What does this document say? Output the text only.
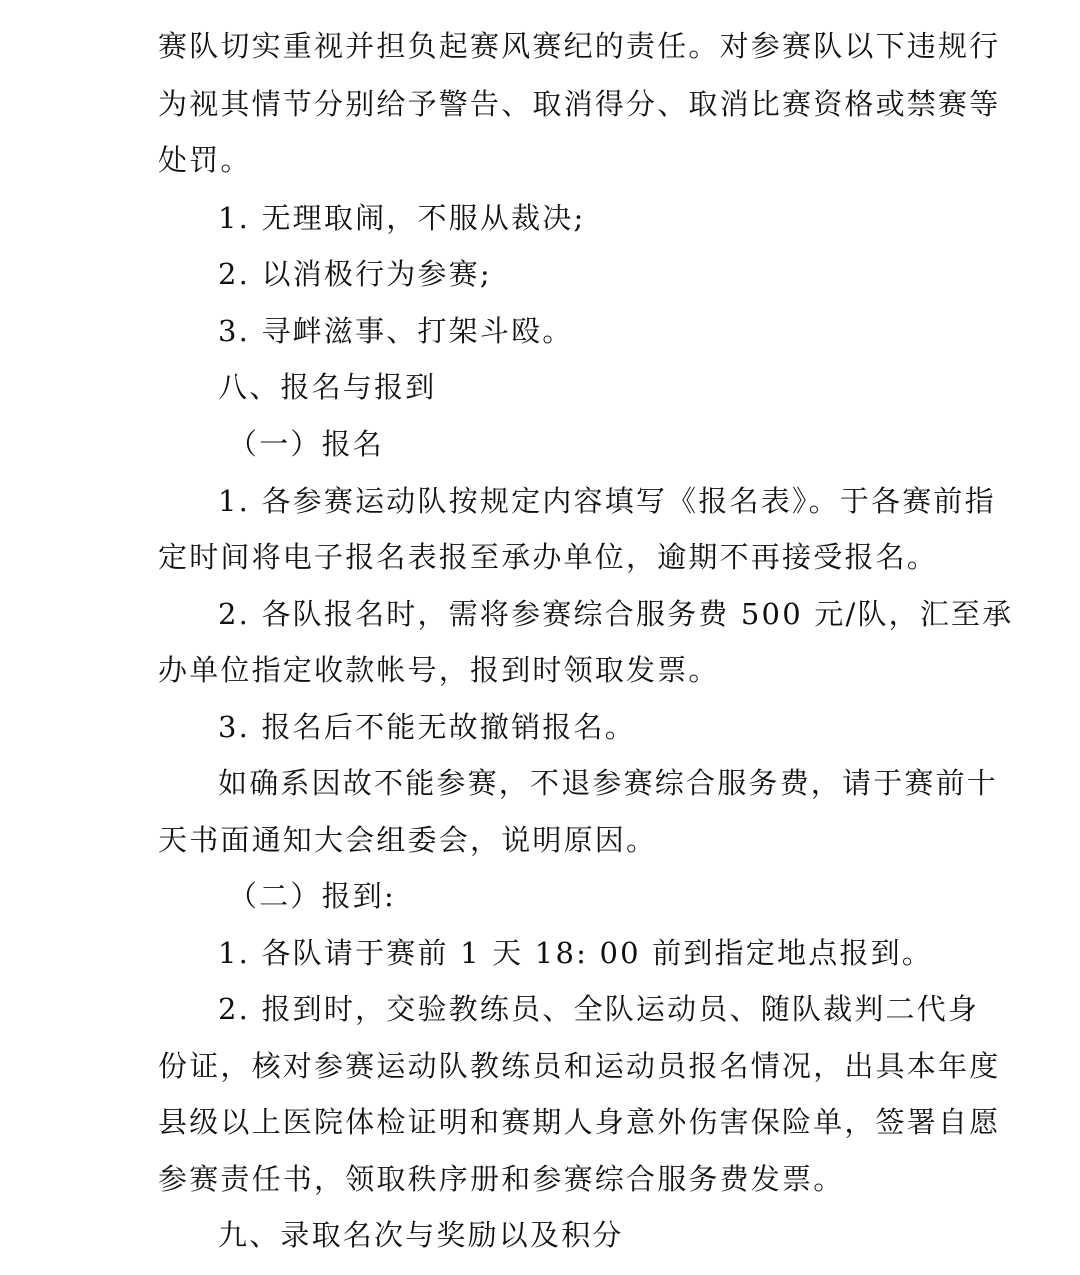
赛队切实重视并担负起赛风赛纪的责任。对参赛队以下违规行
为视其情节分别给予警告、取消得分、取消比赛资格或禁赛等
处罚。
1. 无理取闹，不服从裁决;
2. 以消极行为参赛;
3. 寻衅滋事、打架斗殴。
八、报名与报到
（一）报名
1. 各参赛运动队按规定内容填写《报名表》。于各赛前指
定时间将电子报名表报至承办单位，逾期不再接受报名。
2. 各队报名时，需将参赛综合服务费 500 元/队，汇至承
办单位指定收款帐号，报到时领取发票。
3. 报名后不能无故撤销报名。
如确系因故不能参赛，不退参赛综合服务费，请于赛前十
天书面通知大会组委会，说明原因。
（二）报到:
1. 各队请于赛前 1 天 18: 00 前到指定地点报到。
2. 报到时，交验教练员、全队运动员、随队裁判二代身
份证，核对参赛运动队教练员和运动员报名情况，出具本年度
县级以上医院体检证明和赛期人身意外伤害保险单，签署自愿
参赛责任书，领取秩序册和参赛综合服务费发票。
九、录取名次与奖励以及积分
